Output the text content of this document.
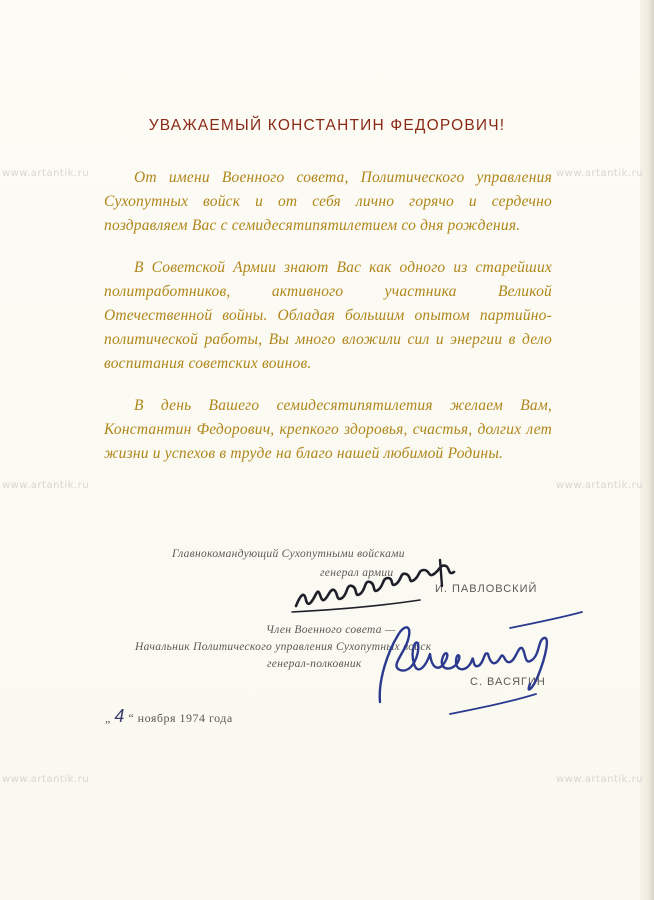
www.artantik.ru	www.artantik.ru
www.artantik.ru	www.artantik.ru
www.artantik.ru	www.artantik.ru
УВАЖАЕМЫЙ КОНСТАНТИН ФЕДОРОВИЧ!

От имени Военного совета, Политического управления Сухопутных войск и от себя лично горячо и сердечно поздравляем Вас с семидесятипятилетием со дня рождения.

В Советской Армии знают Вас как одного из старейших политработников, активного участника Великой Отечественной войны. Обладая большим опытом партийно-политической работы, Вы много вложили сил и энергии в дело воспитания советских воинов.

В день Вашего семидесятипятилетия желаем Вам, Константин Федорович, крепкого здоровья, счастья, долгих лет жизни и успехов в труде на благо нашей любимой Родины.

Главнокомандующий Сухопутными войсками
генерал армии
И. ПАВЛОВСКИЙ
Член Военного совета —
Начальник Политического управления Сухопутных войск
генерал-полковник
С. ВАСЯГИН
„ 4 “ ноября 1974 года
